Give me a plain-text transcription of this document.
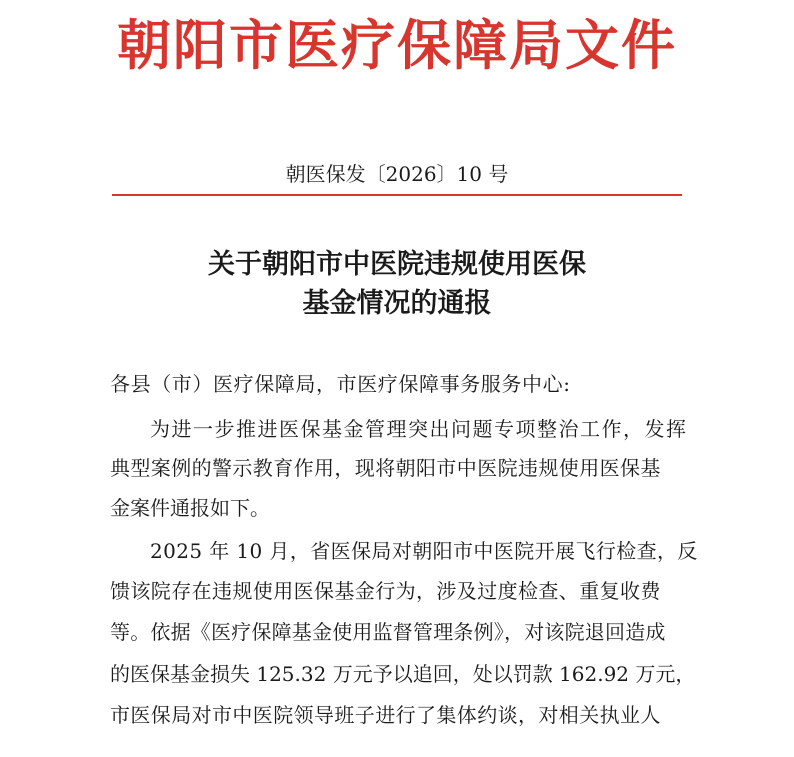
朝阳市医疗保障局文件
朝医保发〔2026〕10 号
关于朝阳市中医院违规使用医保
基金情况的通报
各县（市）医疗保障局，市医疗保障事务服务中心:
为进一步推进医保基金管理突出问题专项整治工作，发挥
典型案例的警示教育作用，现将朝阳市中医院违规使用医保基
金案件通报如下。
2025 年 10 月，省医保局对朝阳市中医院开展飞行检查，反
馈该院存在违规使用医保基金行为，涉及过度检查、重复收费
等。依据《医疗保障基金使用监督管理条例》，对该院退回造成
的医保基金损失 125.32 万元予以追回，处以罚款 162.92 万元，
市医保局对市中医院领导班子进行了集体约谈，对相关执业人
